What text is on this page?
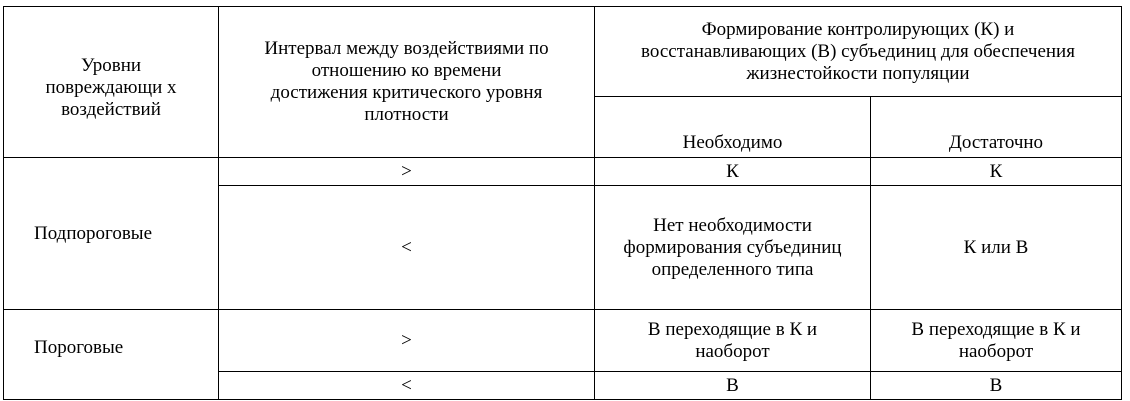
Уровни повреждающи х воздействий	Интервал между воздействиями по отношению ко времени достижения критического уровня плотности	Формирование контролирующих (К) и восстанавливающих (В) субъединиц для обеспечения жизнестойкости популяции	
		Необходимо	Достаточно
Подпороговые	>	К	К
	<	Нет необходимости формирования субъединиц определенного типа	К или В
Пороговые	>	В переходящие в К и наоборот	В переходящие в К и наоборот
	<	В	В
